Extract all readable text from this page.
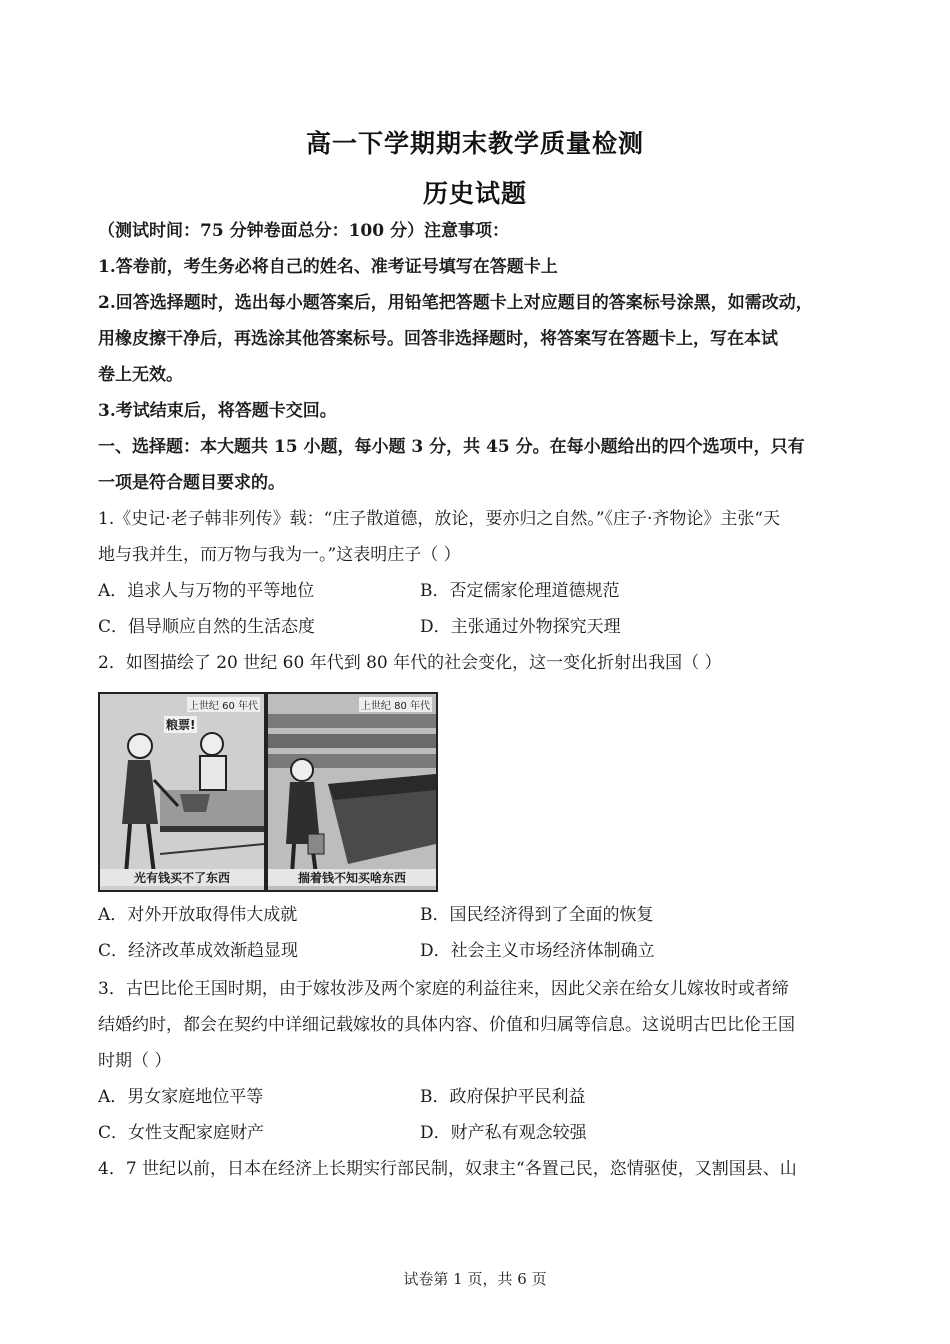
高一下学期期末教学质量检测
历史试题
（测试时间：75 分钟卷面总分：100 分）注意事项：
1.答卷前，考生务必将自己的姓名、准考证号填写在答题卡上
2.回答选择题时，选出每小题答案后，用铅笔把答题卡上对应题目的答案标号涂黑，如需改动，
用橡皮擦干净后，再选涂其他答案标号。回答非选择题时，将答案写在答题卡上，写在本试
卷上无效。
3.考试结束后，将答题卡交回。
一、选择题：本大题共 15 小题，每小题 3 分，共 45 分。在每小题给出的四个选项中，只有
一项是符合题目要求的。
1.《史记·老子韩非列传》载：“庄子散道德，放论，要亦归之自然。”《庄子·齐物论》主张“天
地与我并生，而万物与我为一。”这表明庄子（ ）
A．追求人与万物的平等地位	B．否定儒家伦理道德规范
C．倡导顺应自然的生活态度	D．主张通过外物探究天理
2．如图描绘了 20 世纪 60 年代到 80 年代的社会变化，这一变化折射出我国（ ）
上世纪 60 年代
粮票!
光有钱买不了东西
上世纪 80 年代
揣着钱不知买啥东西
A．对外开放取得伟大成就	B．国民经济得到了全面的恢复
C．经济改革成效渐趋显现	D．社会主义市场经济体制确立
3．古巴比伦王国时期，由于嫁妆涉及两个家庭的利益往来，因此父亲在给女儿嫁妆时或者缔
结婚约时，都会在契约中详细记载嫁妆的具体内容、价值和归属等信息。这说明古巴比伦王国
时期（ ）
A．男女家庭地位平等	B．政府保护平民利益
C．女性支配家庭财产	D．财产私有观念较强
4．7 世纪以前，日本在经济上长期实行部民制，奴隶主“各置己民，恣情驱使，又割国县、山
试卷第 1 页，共 6 页
